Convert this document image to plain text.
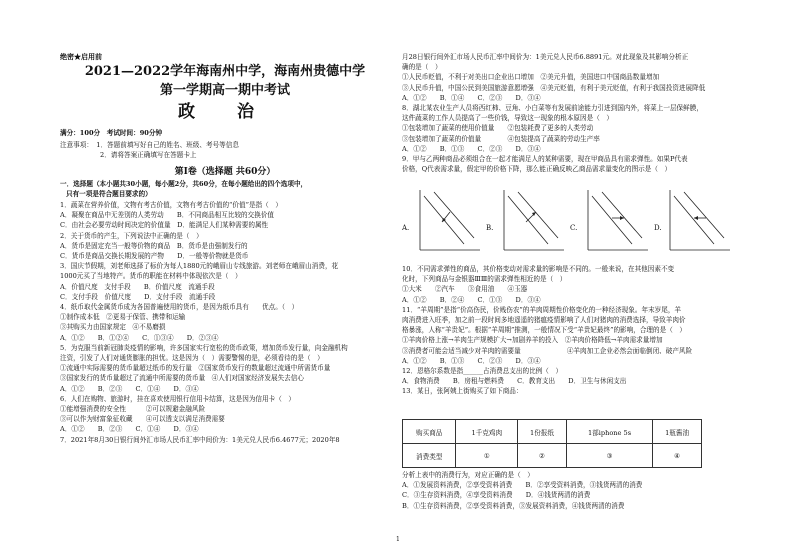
绝密★启用前
2021—2022学年海南州中学，海南州贵德中学
第一学期高一期中考试
政 治
满分：100分　考试时间：90分钟
注意事项：　1．答题前填写好自己的姓名、班级、考号等信息
2．请将答案正确填写在答题卡上
第Ⅰ卷（选择题 共60分）
一．选择题（本小题共30小题，每小题2分，共60分，在每小题给出的四个选项中，
只有一项是符合题目要求的）
1．蔬菜在营养价值，文物有考古价值，文物有考古价值的“价值”是指（　）
A．凝聚在商品中无差别的人类劳动　　B．不同商品相互比较的交换价值
C．由社会必要劳动时间决定的价值量　D．能满足人们某种需要的属性
2．关于货币的产生，下列说法中正确的是（　）
A．货币是固定充当一般等价物的商品　B．货币是由强制发行的
C．货币是商品交换长期发展的产物　　D．一般等价物就是货币
3．国庆节假期，刘老师选择了标价为每人1880元的峨眉山专线旅游。刘老师在峨眉山消费，花
1000元买了当地特产。货币的职能在材料中体现依次是（　）
A．价值尺度　支付手段　　B．价值尺度　流通手段
C．支付手段　价值尺度　　D．支付手段　流通手段
4．纸币取代金属货币成为各国普遍使用的货币，是因为纸币具有　　优点。（　）
①制作成本低　②更易于保管、携带和运输
③其购买力由国家规定　④不易磨损
A．①②　　B．①②④　　C．①③④　　D．②③④
5．为克服当前新冠肺炎疫情的影响，许多国家实行宽松的货币政策，增加货币发行量，向金融机构
注资，引发了人们对通货膨胀的担忧。这是因为（　）需要警惕的是，必须看待的是（　）
①流通中实际需要的货币量超过纸币的发行量　②国家货币发行的数量超过流通中所需货币量
③国家发行的货币量超过了流通中所需要的货币量　④人们对国家经济发展失去信心
A．①②　　B．②③　　C．①④　　D．③④
6．人们在购物、旅游时，挂在喜欢使用银行信用卡结算，这是因为信用卡（　）
①能增强消费的安全性　　　②可以规避金融风险
③可以作为财富象征收藏　　④可以透支以满足消费需要
A．①②　　B．②③　　C．①④　　D．③④
7．2021年8月30日银行间外汇市场人民币汇率中间价为：1美元兑人民币6.4677元；2020年8
月28日银行间外汇市场人民币汇率中间价为：1美元兑人民币6.8891元。对此现象及其影响分析正
确的是（　）
①人民币贬值，不利于对美出口企业出口增加　②美元升值，美国进口中国商品数量增加
③人民币升值，中国公民到美国旅游意愿增强　④美元贬值，有利于美元贬值，有利于我国投资进展降低
A．①②　　B．①④　　C．②③　　D．③④
8．湖北某农业生产人员将西红柿、豆角、小白菜等有发展前途能力引进到国内外，将菜上一层保鲜膜，
这件蔬菜的工作人员提高了一些价钱，导致这一现象的根本原因是（　）
①包装增加了蔬菜的使用价值量　　②包装耗费了更多的人类劳动
③包装增加了蔬菜的价值量　　　　④包装提高了蔬菜的劳动生产率
A．①②　　B．①③　　C．②③　　D．③④
9．甲与乙两种商品必须组合在一起才能满足人的某种需要，现在甲商品具有需求弹性。如果P代表
价格，Q代表需求量，假定甲的价格下降，那么能正确反映乙商品需求量变化的图示是（　）
A.	B.	C.	D.
10．不同需求弹性的商品，其价格变动对需求量的影响是不同的。一般来说，在其他因素不变
化时，下列商品与金银器ⅢⅢ的需求弹性相近的是（　）
①大米　　②汽车　　③食用油　　④玉器
A．①②　　B．②④　　C．①③　　D．③④
11．“羊周期”是指“价高伤民，价贱伤农”的羊肉周期性价格变化的一种经济现象。年末岁尾，羊
肉消费进入旺季，加之前一段时间多地遥遥的猪瘟疫情影响了人们对猪肉的消费选择，导致羊肉价
格暴涨，人称“羊贵妃”。根据“羊周期”推测，一般情况下受“羊贵妃最终”的影响，合理的是（　）
①羊肉价格上涨→羊肉生产规模扩大→加剧养羊的投入　②羊肉价格降低→羊肉需求量增加
③消费者可能会适当减少对羊肉的需要量　　　　　　　④羊肉加工企业必然会面临倒闭、破产风险
A．①②　　B．①③　　C．②③　　D．③④
12．恩格尔系数是指______占消费总支出的比例（　）
A．食物消费　　B．房租与燃料费　　C．教育支出　　D．卫生与休闲支出
13．某日，张阿姨上街购买了如下商品：
购买商品	1千克鸡肉	1份报纸	1部iphone 5s	1瓶酱油
消费类型	①	②	③	④
分析上表中的消费行为，对应正确的是（　）
A．①发展资料消费，②享受资料消费　　B．②享受资料消费，③钱货两清的消费
C．③生存资料消费，④享受资料消费　　D．④钱货两清的消费
B．①生存资料消费，②享受资料消费，③发展资料消费，④钱货两清的消费
1
